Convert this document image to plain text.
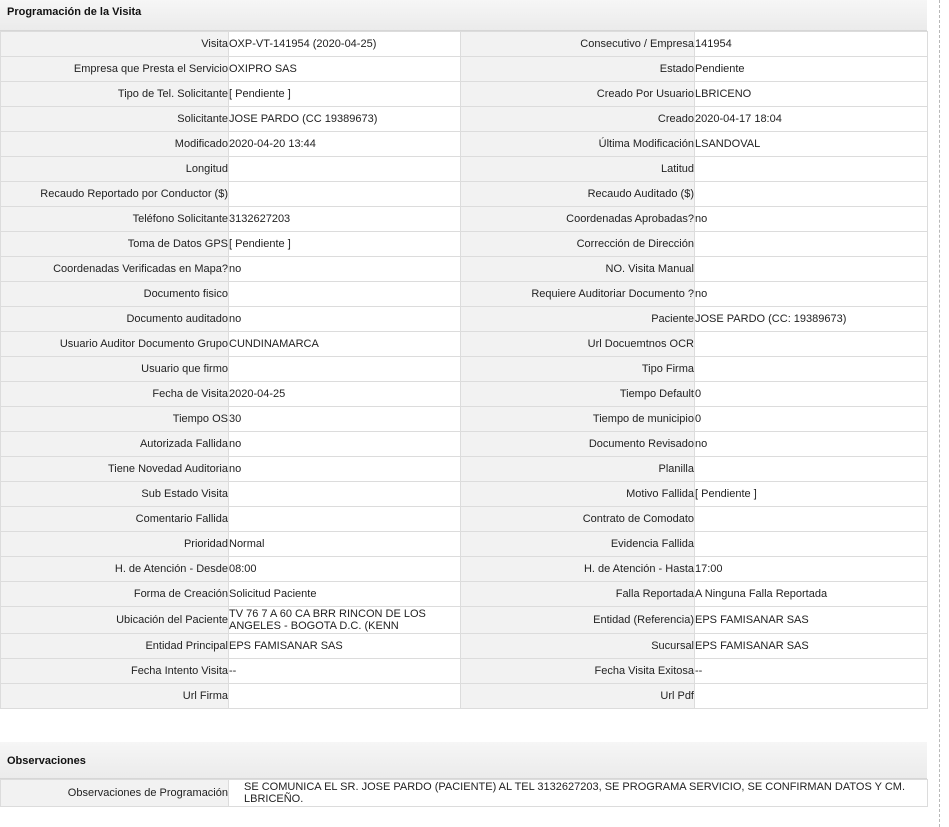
Programación de la Visita
Visita	OXP-VT-141954 (2020-04-25)	Consecutivo / Empresa	141954
Empresa que Presta el Servicio	OXIPRO SAS	Estado	Pendiente
Tipo de Tel. Solicitante	[ Pendiente ]	Creado Por Usuario	LBRICENO
Solicitante	JOSE PARDO (CC 19389673)	Creado	2020-04-17 18:04
Modificado	2020-04-20 13:44	Última Modificación	LSANDOVAL
Longitud		Latitud	
Recaudo Reportado por Conductor ($)		Recaudo Auditado ($)	
Teléfono Solicitante	3132627203	Coordenadas Aprobadas?	no
Toma de Datos GPS	[ Pendiente ]	Corrección de Dirección	
Coordenadas Verificadas en Mapa?	no	NO. Visita Manual	
Documento fisico		Requiere Auditoriar Documento ?	no
Documento auditado	no	Paciente	JOSE PARDO (CC: 19389673)
Usuario Auditor Documento Grupo	CUNDINAMARCA	Url Docuemtnos OCR	
Usuario que firmo		Tipo Firma	
Fecha de Visita	2020-04-25	Tiempo Default	0
Tiempo OS	30	Tiempo de municipio	0
Autorizada Fallida	no	Documento Revisado	no
Tiene Novedad Auditoria	no	Planilla	
Sub Estado Visita		Motivo Fallida	[ Pendiente ]
Comentario Fallida		Contrato de Comodato	
Prioridad	Normal	Evidencia Fallida	
H. de Atención - Desde	08:00	H. de Atención - Hasta	17:00
Forma de Creación	Solicitud Paciente	Falla Reportada	A Ninguna Falla Reportada
Ubicación del Paciente	TV 76 7 A 60 CA BRR RINCON DE LOS ANGELES - BOGOTA D.C. (KENN	Entidad (Referencia)	EPS FAMISANAR SAS
Entidad Principal	EPS FAMISANAR SAS	Sucursal	EPS FAMISANAR SAS
Fecha Intento Visita	--	Fecha Visita Exitosa	--
Url Firma		Url Pdf	
Observaciones
Observaciones de Programación	SE COMUNICA EL SR. JOSE PARDO (PACIENTE) AL TEL 3132627203, SE PROGRAMA SERVICIO, SE CONFIRMAN DATOS Y CM. LBRICEÑO.
